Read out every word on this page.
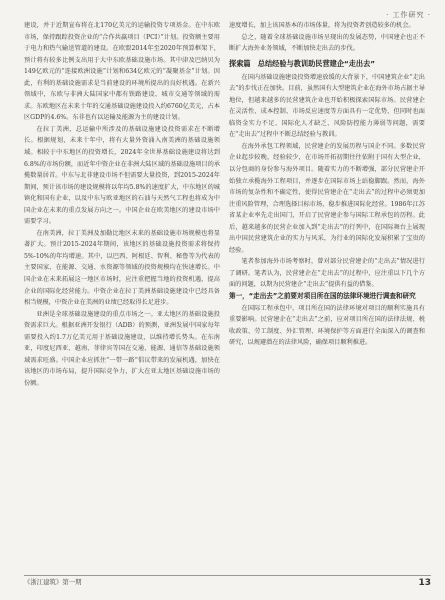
· 工作研究 ·

建设，并于近期宣布将在北170亿美元的运输投资专项基金。在中东欧市场，保持跟踪投资企业的“合作共赢项目（PCI）”计划。投资额主要用于电力和热气输送管道的建设。在欧盟2014年至2020年预算框架下，预计将有较多比例支出用于大中东欧基础设施市场。其中津及巴纳贝为149亿欧元的“连接欧洲设施”计划和634亿欧元的“凝聚基金”计划。因此，有利的基础设施需求是当前建设的环境所提出的良好机遇。在新兴领域中，东欧与非洲大陆国家中都有铁路建设、城市交通等领域的需求。东欧地区在未来十年的交通基础设施建设投入约6760亿美元，占本区GDP的4.6%。东非也有以运输及能源为主的建设计划。

在拉丁美洲，总运输中所涉及的基础设施建设投资需求在不断增长。根据规划，未来十年中，将有大量外资涌入南美洲的基础设施领域。相较于中东地区的投资增长，2024年全世界基础设施建设将达到6.8%的市场份额，而近年中资企业在非洲大陆区域的基础设施项目的承揽数量居首。中东与北非建设市场不但需要大量投资，到2015-2024年期间，预计该市场的建设规模将以年均5.8%的速度扩大，中东地区的城镇化和国有企业，以及中东与欧亚地区的石油与天然气工程也将成为中国企业在未来的重点发展方向之一。中国企业在欧美地区的建设市场中需要学习。

在南美洲，拉丁美洲及加勒比地区未来的基础设施市场规模也将显著扩大。预计2015-2024年期间，该地区的基础设施投资需求将保持5%-10%的年均增速。其中，以巴西、阿根廷、智利、秘鲁等为代表的主要国家，在能源、交通、水资源等领域的投资规模均在快速增长。中国企业在未来拓展这一地区市场时，应注重把握当地的投资机遇，提高企业的国际化经营能力。中资企业在拉丁美洲基础设施建设中已经具备相当规模，中资企业在美洲的业绩已经取得长足进步。

亚洲是全球基础设施建设的重点市场之一。亚太地区的基础设施投资需求巨大。根据亚洲开发银行（ADB）的预测，亚洲发展中国家每年需要投入约1.7万亿美元用于基础设施建设，以维持增长势头。在东南亚，印度尼西亚、越南、菲律宾等国在交通、能源、通信等基础设施领域需求旺盛。中国企业应抓住“一带一路”倡议带来的发展机遇，加快在该地区的市场布局，提升国际竞争力，扩大在亚太地区基础设施市场的份额。

速度增长，加上该国基本的市场体量，将为投资者创造较多的机会。

总之，随着全球基础设施市场呈现出的发展态势，中国建企也正不断扩大海外业务领域，不断加快走出去的步伐。

探索篇　总结经验与教训助民营建企“走出去”

在国内基础设施建设投资增速放缓的大背景下，中国建筑企业“走出去”的步伐正在加快。目前，虽然国有大型建筑企业在海外市场占据主导地位，但越来越多的民营建筑企业也开始积极探索国际市场。民营建企在灵活性、成本控制、市场反应速度等方面具有一定优势，但同时也面临资金实力不足、国际化人才缺乏、风险防控能力薄弱等问题，需要在“走出去”过程中不断总结经验与教训。

在海外承包工程领域，民营建企的发展历程与国企不同。多数民营企业起步较晚，经验较少，在市场开拓初期往往依附于国有大型企业，以分包商的身份参与海外项目。随着实力的不断增强，部分民营建企开始独立承揽海外工程项目，并逐步在国际市场上站稳脚跟。然而，海外市场的复杂性和不确定性，使得民营建企在“走出去”的过程中必须更加注重风险管理，合理选择目标市场，稳步推进国际化经营。1986年江苏省某企业率先走出国门，开启了民营建企参与国际工程承包的历程。此后，越来越多的民营企业加入到“走出去”的行列中，在国际舞台上展现出中国民营建筑企业的实力与风采，为行业的国际化发展积累了宝贵的经验。

笔者参加海外市场考察时，曾对部分民营建企的“走出去”情况进行了调研。笔者认为，民营建企在“走出去”的过程中，应注重以下几个方面的问题，以期为民营建企“走出去”提供有益的借鉴。

第一，“走出去”之前要对项目所在国的法律环境进行调查和研究

在国际工程承包中，项目所在国的法律环境对项目的顺利实施具有重要影响。民营建企在“走出去”之前，应对项目所在国的法律法规、税收政策、劳工制度、外汇管理、环境保护等方面进行全面深入的调查和研究，以规避潜在的法律风险，确保项目顺利推进。

《浙江建筑》第一期	13
